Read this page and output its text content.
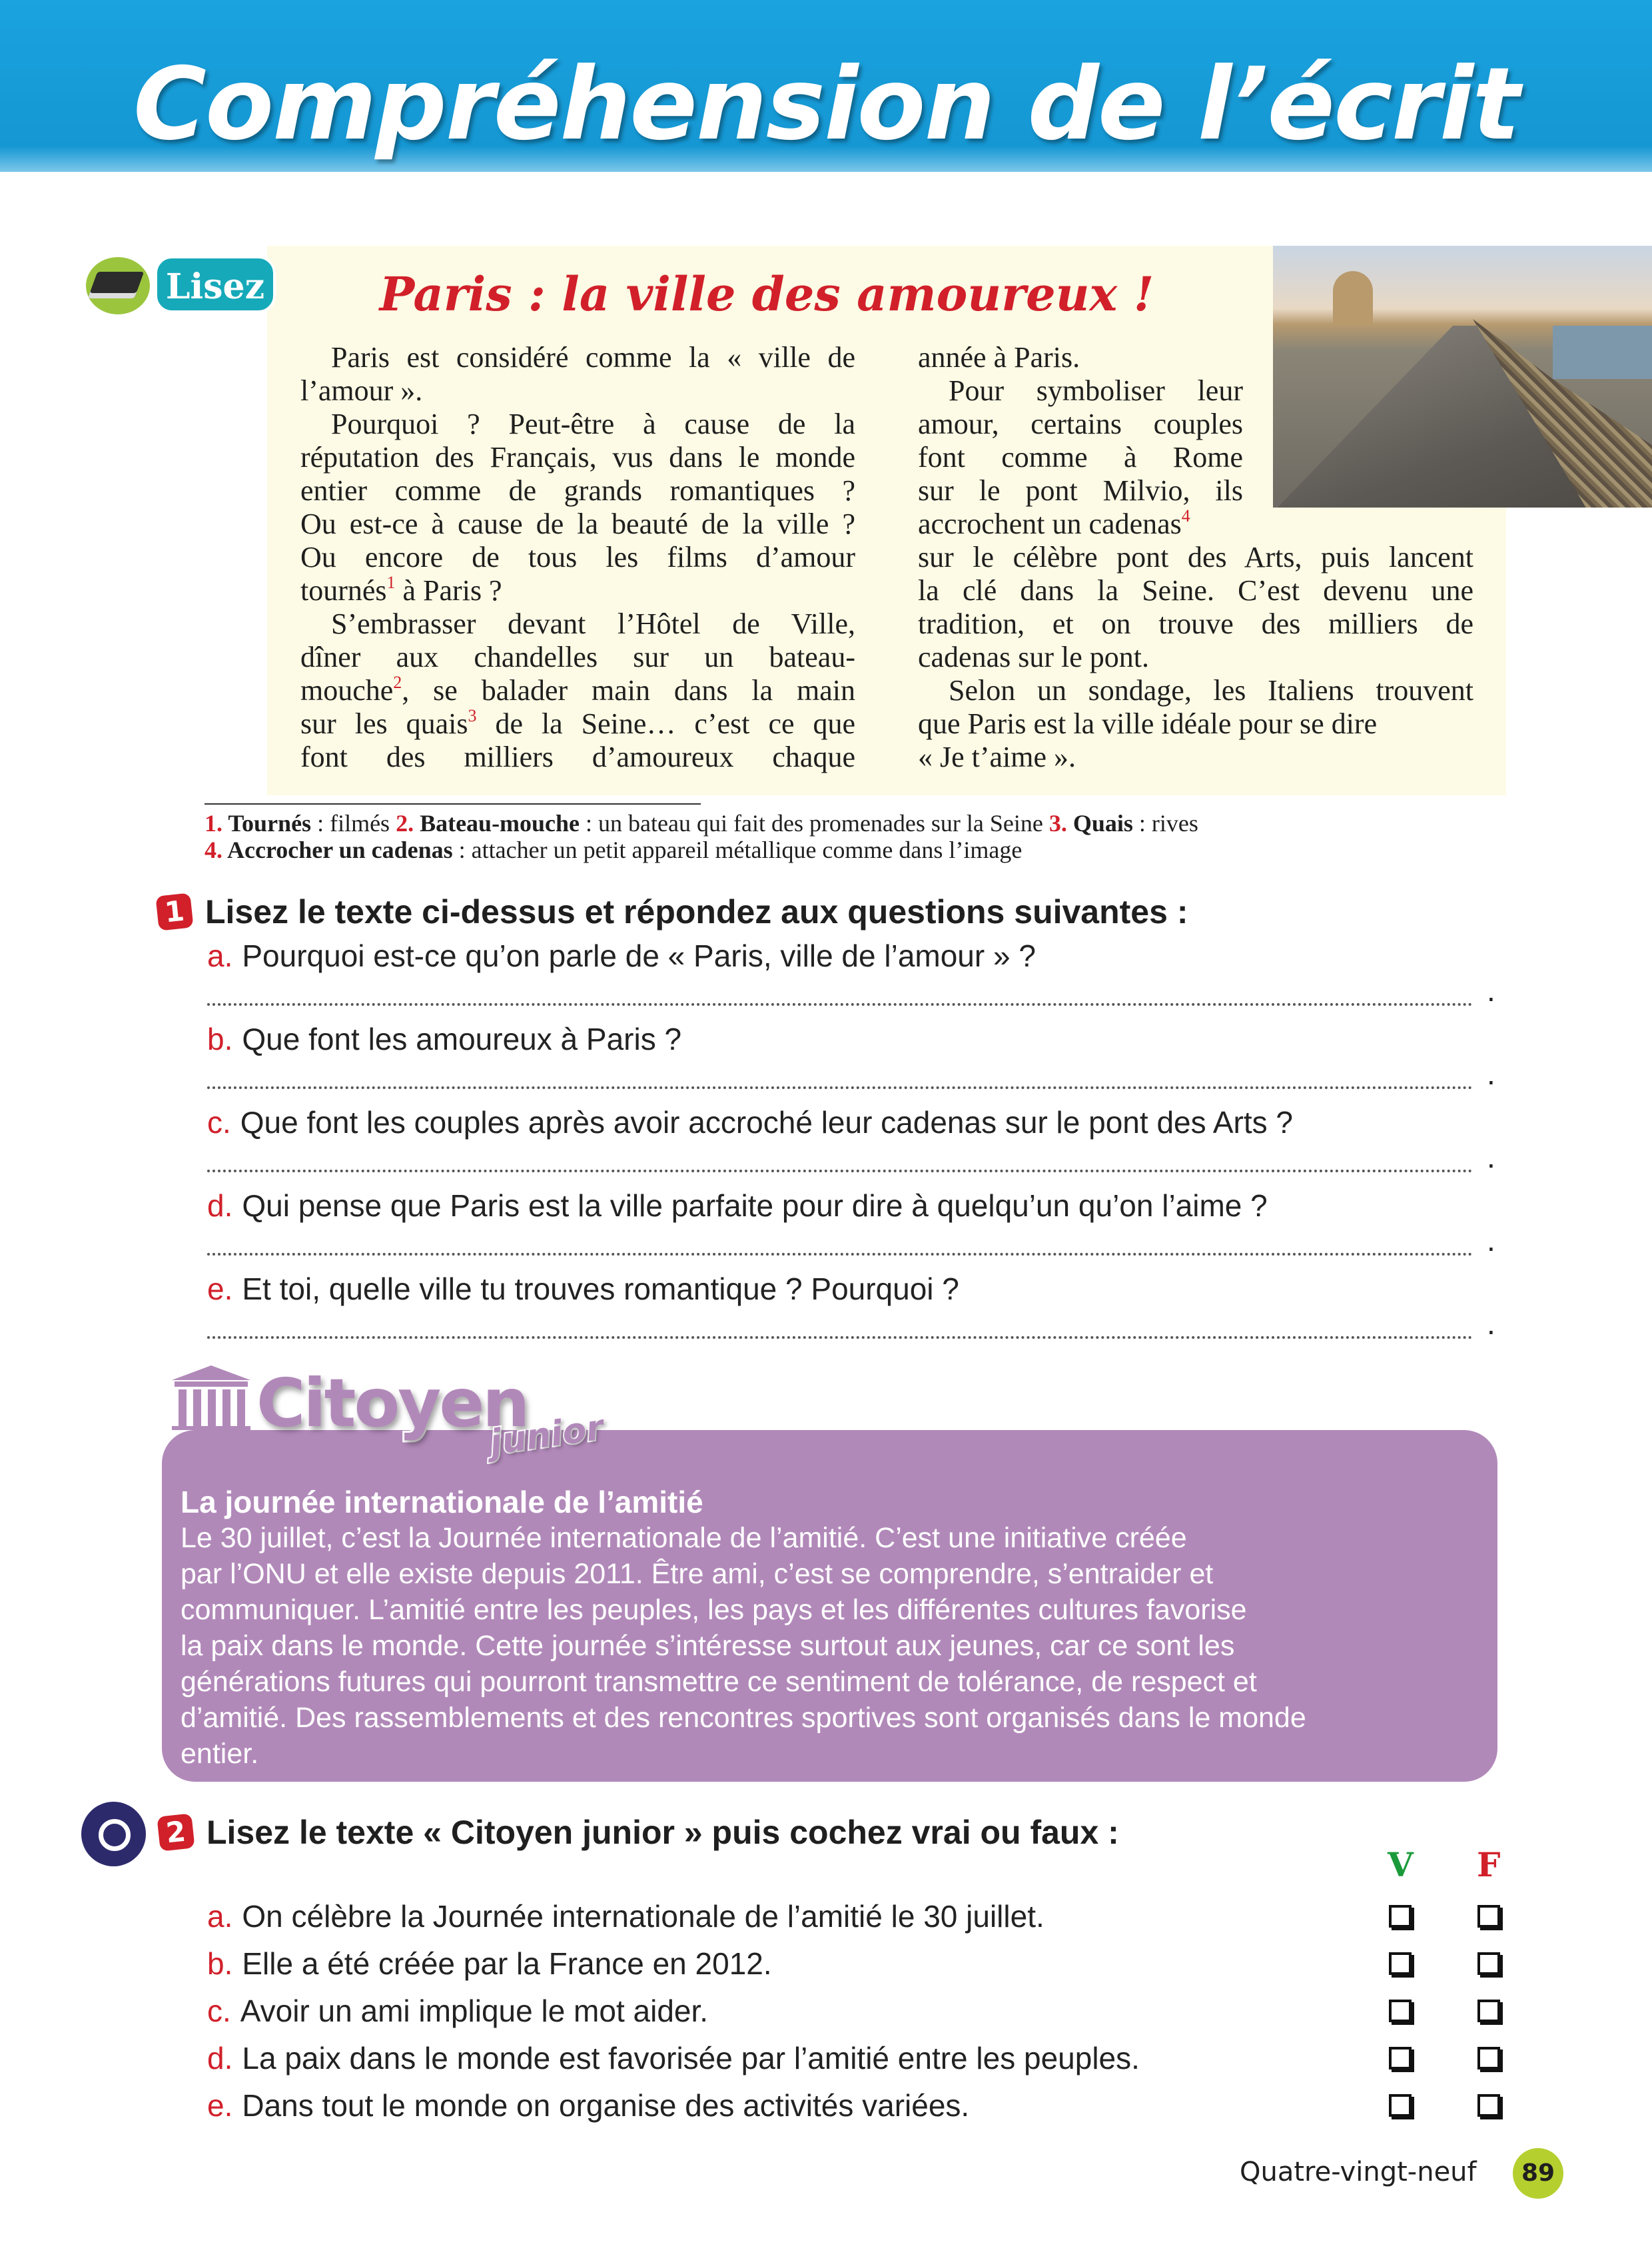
Compréhension de l’écrit
Lisez	Paris : la ville des amoureux !
Paris est considéré comme la « ville de
l’amour ».
Pourquoi ? Peut-être à cause de la
réputation des Français, vus dans le monde
entier comme de grands romantiques ?
Ou est-ce à cause de la beauté de la ville ?
Ou encore de tous les films d’amour
tournés$^1$ à Paris ?
S’embrasser devant l’Hôtel de Ville,
dîner aux chandelles sur un bateau-
mouche$^2$, se balader main dans la main
sur les quais$^3$ de la Seine… c’est ce que
font des milliers d’amoureux chaque
année à Paris.
Pour symboliser leur
amour, certains couples
font comme à Rome
sur le pont Milvio, ils
accrochent un cadenas$^4$
sur le célèbre pont des Arts, puis lancent
la clé dans la Seine. C’est devenu une
tradition, et on trouve des milliers de
cadenas sur le pont.
Selon un sondage, les Italiens trouvent
que Paris est la ville idéale pour se dire
« Je t’aime ».
1. Tournés : filmés 2. Bateau-mouche : un bateau qui fait des promenades sur la Seine 3. Quais : rives
4. Accrocher un cadenas : attacher un petit appareil métallique comme dans l’image
1 Lisez le texte ci-dessus et répondez aux questions suivantes :
a. Pourquoi est-ce qu’on parle de « Paris, ville de l’amour » ?
.
b. Que font les amoureux à Paris ?
.
c. Que font les couples après avoir accroché leur cadenas sur le pont des Arts ?
.
d. Qui pense que Paris est la ville parfaite pour dire à quelqu’un qu’on l’aime ?
.
e. Et toi, quelle ville tu trouves romantique ? Pourquoi ?
.
Citoyen
junior
La journée internationale de l’amitié
Le 30 juillet, c’est la Journée internationale de l’amitié. C’est une initiative créée
par l’ONU et elle existe depuis 2011. Être ami, c’est se comprendre, s’entraider et
communiquer. L’amitié entre les peuples, les pays et les différentes cultures favorise
la paix dans le monde. Cette journée s’intéresse surtout aux jeunes, car ce sont les
générations futures qui pourront transmettre ce sentiment de tolérance, de respect et
d’amitié. Des rassemblements et des rencontres sportives sont organisés dans le monde
entier.
2 Lisez le texte « Citoyen junior » puis cochez vrai ou faux :
V F
a. On célèbre la Journée internationale de l’amitié le 30 juillet.
b. Elle a été créée par la France en 2012.
c. Avoir un ami implique le mot aider.
d. La paix dans le monde est favorisée par l’amitié entre les peuples.
e. Dans tout le monde on organise des activités variées.
Quatre-vingt-neuf	89
